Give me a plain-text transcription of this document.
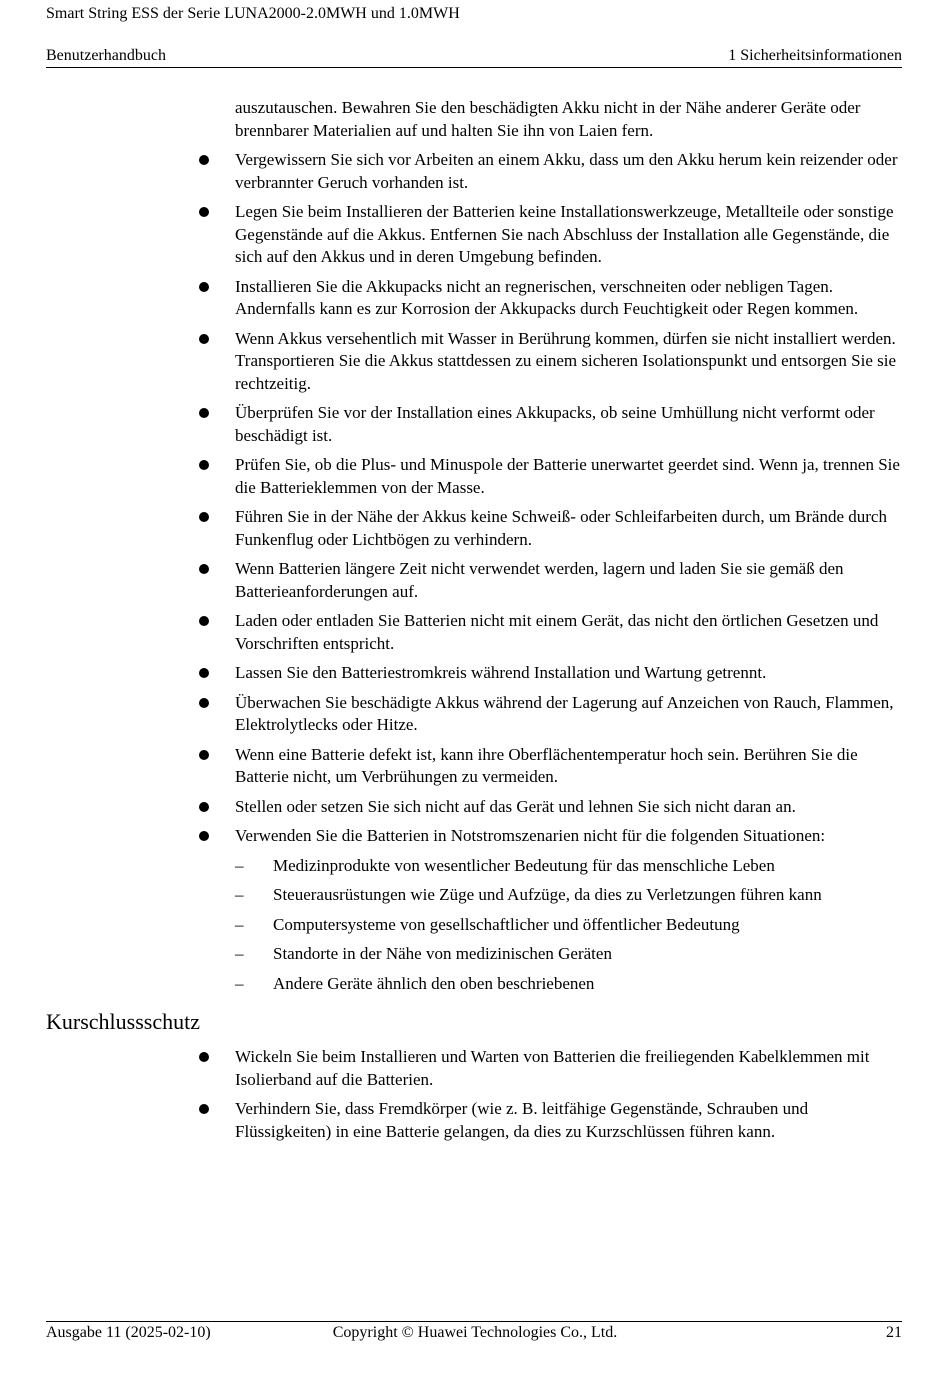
Smart String ESS der Serie LUNA2000-2.0MWH und 1.0MWH
Benutzerhandbuch	1 Sicherheitsinformationen
auszutauschen. Bewahren Sie den beschädigten Akku nicht in der Nähe anderer Geräte oder brennbarer Materialien auf und halten Sie ihn von Laien fern.
Vergewissern Sie sich vor Arbeiten an einem Akku, dass um den Akku herum kein reizender oder verbrannter Geruch vorhanden ist.
Legen Sie beim Installieren der Batterien keine Installationswerkzeuge, Metallteile oder sonstige Gegenstände auf die Akkus. Entfernen Sie nach Abschluss der Installation alle Gegenstände, die sich auf den Akkus und in deren Umgebung befinden.
Installieren Sie die Akkupacks nicht an regnerischen, verschneiten oder nebligen Tagen. Andernfalls kann es zur Korrosion der Akkupacks durch Feuchtigkeit oder Regen kommen.
Wenn Akkus versehentlich mit Wasser in Berührung kommen, dürfen sie nicht installiert werden. Transportieren Sie die Akkus stattdessen zu einem sicheren Isolationspunkt und entsorgen Sie sie rechtzeitig.
Überprüfen Sie vor der Installation eines Akkupacks, ob seine Umhüllung nicht verformt oder beschädigt ist.
Prüfen Sie, ob die Plus- und Minuspole der Batterie unerwartet geerdet sind. Wenn ja, trennen Sie die Batterieklemmen von der Masse.
Führen Sie in der Nähe der Akkus keine Schweiß- oder Schleifarbeiten durch, um Brände durch Funkenflug oder Lichtbögen zu verhindern.
Wenn Batterien längere Zeit nicht verwendet werden, lagern und laden Sie sie gemäß den Batterieanforderungen auf.
Laden oder entladen Sie Batterien nicht mit einem Gerät, das nicht den örtlichen Gesetzen und Vorschriften entspricht.
Lassen Sie den Batteriestromkreis während Installation und Wartung getrennt.
Überwachen Sie beschädigte Akkus während der Lagerung auf Anzeichen von Rauch, Flammen, Elektrolytlecks oder Hitze.
Wenn eine Batterie defekt ist, kann ihre Oberflächentemperatur hoch sein. Berühren Sie die Batterie nicht, um Verbrühungen zu vermeiden.
Stellen oder setzen Sie sich nicht auf das Gerät und lehnen Sie sich nicht daran an.
Verwenden Sie die Batterien in Notstromszenarien nicht für die folgenden Situationen:
– Medizinprodukte von wesentlicher Bedeutung für das menschliche Leben
– Steuerausrüstungen wie Züge und Aufzüge, da dies zu Verletzungen führen kann
– Computersysteme von gesellschaftlicher und öffentlicher Bedeutung
– Standorte in der Nähe von medizinischen Geräten
– Andere Geräte ähnlich den oben beschriebenen
Kurschlussschutz
Wickeln Sie beim Installieren und Warten von Batterien die freiliegenden Kabelklemmen mit Isolierband auf die Batterien.
Verhindern Sie, dass Fremdkörper (wie z. B. leitfähige Gegenstände, Schrauben und Flüssigkeiten) in eine Batterie gelangen, da dies zu Kurzschlüssen führen kann.
Ausgabe 11 (2025-02-10)	Copyright © Huawei Technologies Co., Ltd.	21
